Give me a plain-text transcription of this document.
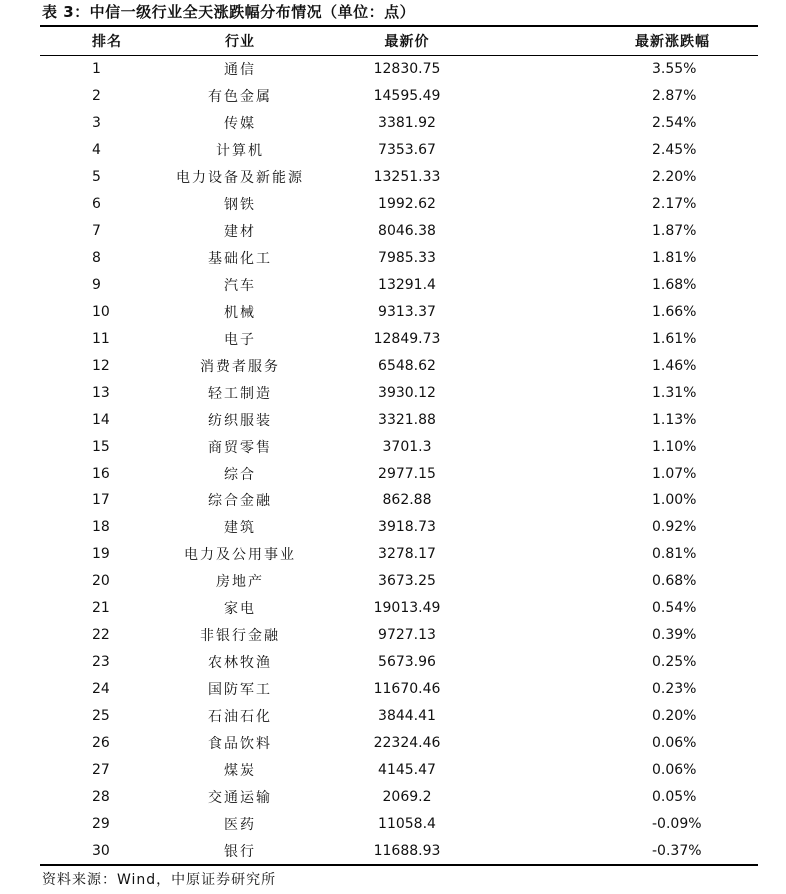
表 3：中信一级行业全天涨跌幅分布情况（单位：点）
排名	行业	最新价	最新涨跌幅
1	通信	12830.75	3.55%
2	有色金属	14595.49	2.87%
3	传媒	3381.92	2.54%
4	计算机	7353.67	2.45%
5	电力设备及新能源	13251.33	2.20%
6	钢铁	1992.62	2.17%
7	建材	8046.38	1.87%
8	基础化工	7985.33	1.81%
9	汽车	13291.4	1.68%
10	机械	9313.37	1.66%
11	电子	12849.73	1.61%
12	消费者服务	6548.62	1.46%
13	轻工制造	3930.12	1.31%
14	纺织服装	3321.88	1.13%
15	商贸零售	3701.3	1.10%
16	综合	2977.15	1.07%
17	综合金融	862.88	1.00%
18	建筑	3918.73	0.92%
19	电力及公用事业	3278.17	0.81%
20	房地产	3673.25	0.68%
21	家电	19013.49	0.54%
22	非银行金融	9727.13	0.39%
23	农林牧渔	5673.96	0.25%
24	国防军工	11670.46	0.23%
25	石油石化	3844.41	0.20%
26	食品饮料	22324.46	0.06%
27	煤炭	4145.47	0.06%
28	交通运输	2069.2	0.05%
29	医药	11058.4	-0.09%
30	银行	11688.93	-0.37%
资料来源：Wind，中原证券研究所
